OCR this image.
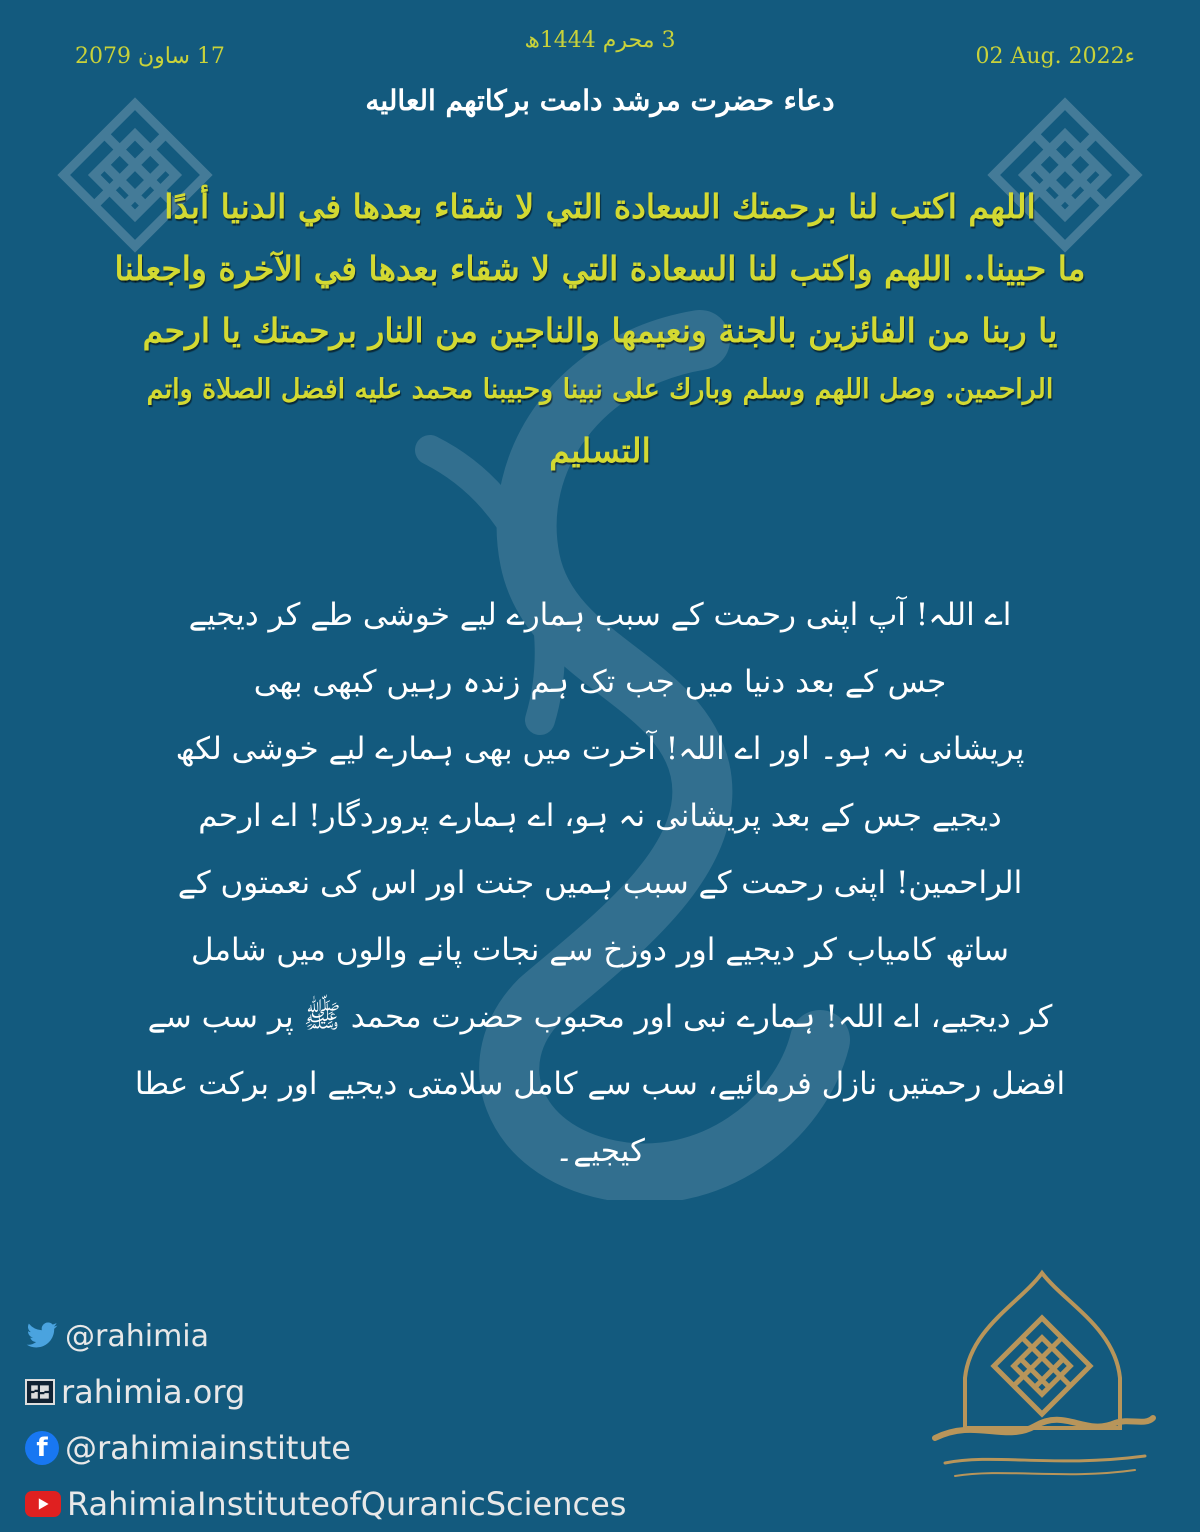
3 محرم 1444ھ
17 ساون 2079	02 Aug. 2022ء
دعاء حضرت مرشد دامت برکاتهم العالیه
اللهم اكتب لنا برحمتك السعادة التي لا شقاء بعدها في الدنيا أبدًا
ما حيينا.. اللهم واكتب لنا السعادة التي لا شقاء بعدها في الآخرة واجعلنا
يا ربنا من الفائزين بالجنة ونعيمها والناجين من النار برحمتك يا ارحم
الراحمين. وصل اللهم وسلم وبارك على نبينا وحبيبنا محمد عليه افضل الصلاة واتم
التسليم
اے اللہ! آپ اپنی رحمت کے سبب ہمارے لیے خوشی طے کر دیجیے
جس کے بعد دنیا میں جب تک ہم زندہ رہیں کبھی بھی
پریشانی نہ ہو۔ اور اے اللہ! آخرت میں بھی ہمارے لیے خوشی لکھ
دیجیے جس کے بعد پریشانی نہ ہو، اے ہمارے پروردگار! اے ارحم
الراحمین! اپنی رحمت کے سبب ہمیں جنت اور اس کی نعمتوں کے
ساتھ کامیاب کر دیجیے اور دوزخ سے نجات پانے والوں میں شامل
کر دیجیے، اے اللہ! ہمارے نبی اور محبوب حضرت محمد ﷺ پر سب سے
افضل رحمتیں نازل فرمائیے، سب سے کامل سلامتی دیجیے اور برکت عطا
کیجیے۔
@rahimia
rahimia.org
f @rahimiainstitute
RahimiaInstituteofQuranicSciences
